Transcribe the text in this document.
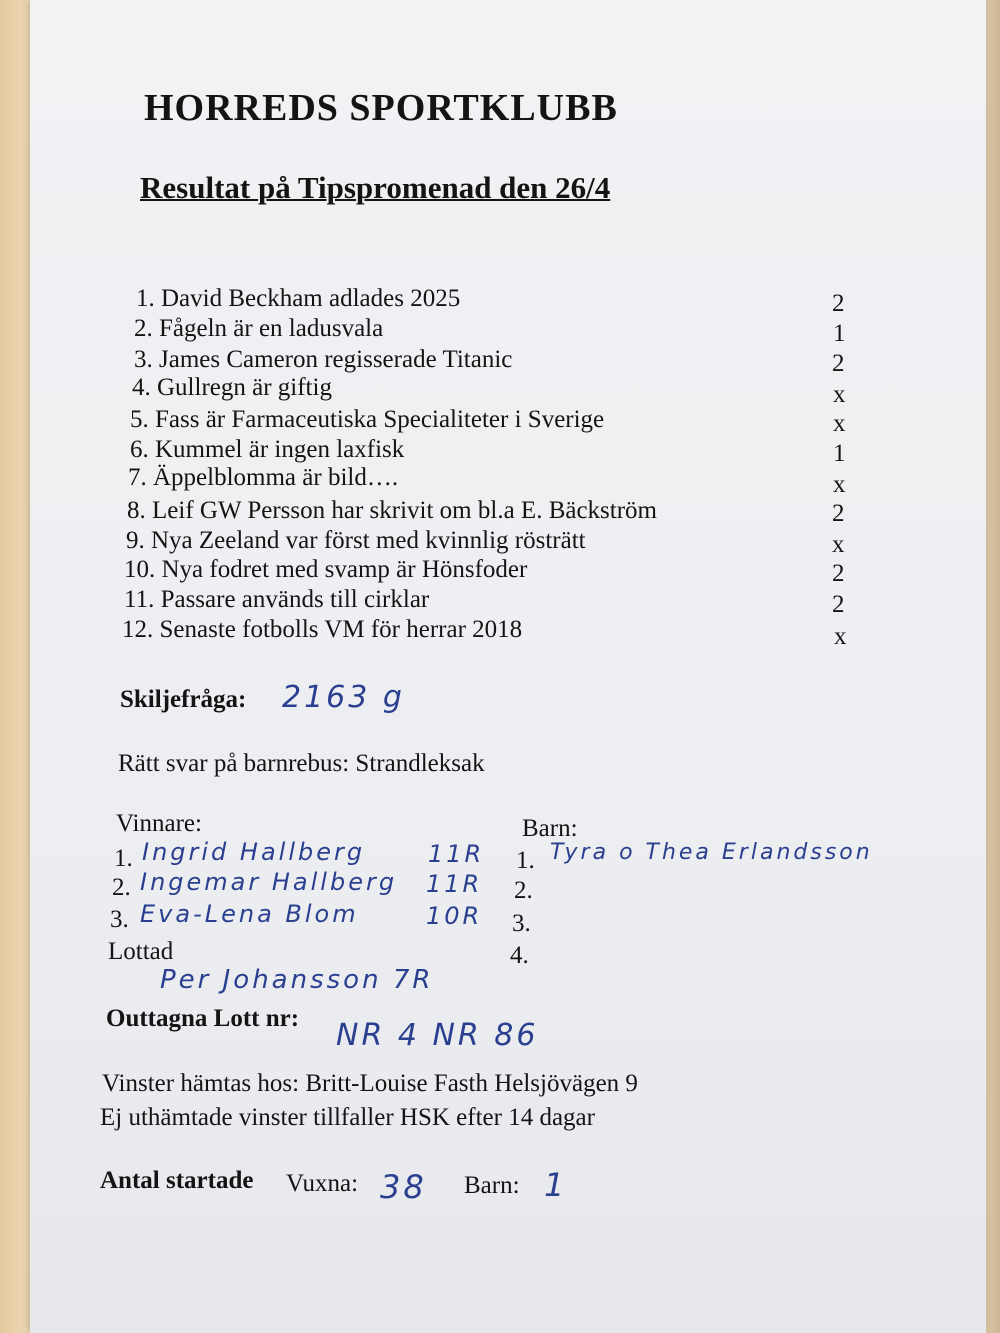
HORREDS SPORTKLUBB
Resultat på Tipspromenad den 26/4
1. David Beckham adlades 2025	2
2. Fågeln är en ladusvala	1
3. James Cameron regisserade Titanic	2
4. Gullregn är giftig	x
5. Fass är Farmaceutiska Specialiteter i Sverige	x
6. Kummel är ingen laxfisk	1
7. Äppelblomma är bild….	x
8. Leif GW Persson har skrivit om bl.a E. Bäckström	2
9. Nya Zeeland var först med kvinnlig rösträtt	x
10. Nya fodret med svamp är Hönsfoder	2
11. Passare används till cirklar	2
12. Senaste fotbolls VM för herrar 2018	x
Skiljefråga: 2163 g
Rätt svar på barnrebus: Strandleksak
Vinnare:
1. Ingrid Hallberg	11R
2. Ingemar Hallberg 11R
3. Eva-Lena Blom	10R
Lottad
Per Johansson 7R
Barn:
1. Tyra o Thea Erlandsson
2.
3.
4.
Outtagna Lott nr: NR 4 NR 86
Vinster hämtas hos: Britt-Louise Fasth Helsjövägen 9
Ej uthämtade vinster tillfaller HSK efter 14 dagar
Antal startade Vuxna: 38 Barn: 1
